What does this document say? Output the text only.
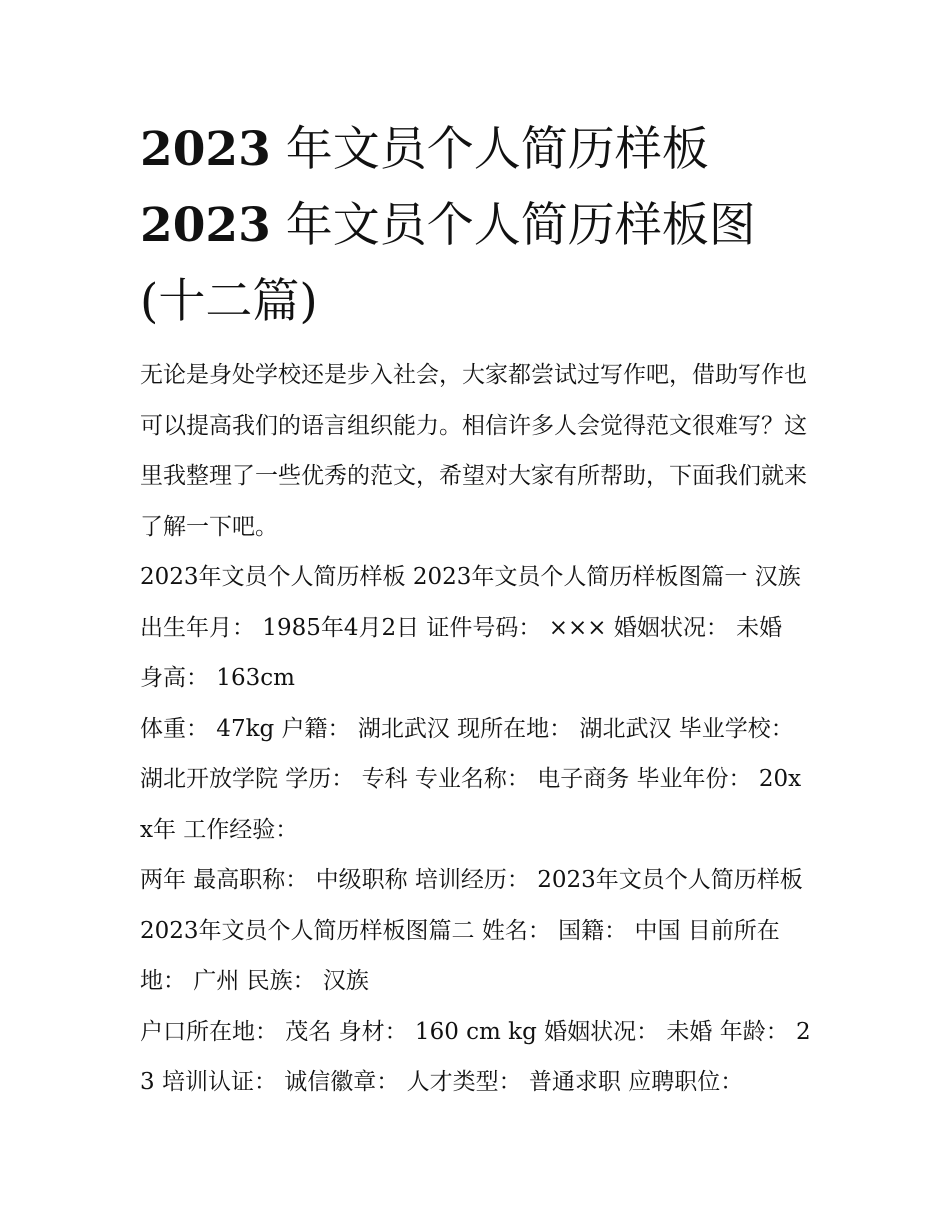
2023 年文员个人简历样板
2023 年文员个人简历样板图
(十二篇)

无论是身处学校还是步入社会，大家都尝试过写作吧，借助写作也可以提高我们的语言组织能力。相信许多人会觉得范文很难写？这里我整理了一些优秀的范文，希望对大家有所帮助，下面我们就来了解一下吧。

2023年文员个人简历样板 2023年文员个人简历样板图篇一 汉族 出生年月： 1985年4月2日 证件号码： ××× 婚姻状况： 未婚 身高： 163cm

体重： 47kg 户籍： 湖北武汉 现所在地： 湖北武汉 毕业学校： 湖北开放学院 学历： 专科 专业名称： 电子商务 毕业年份： 20xx年 工作经验：

两年 最高职称： 中级职称 培训经历： 2023年文员个人简历样板 2023年文员个人简历样板图篇二 姓名： 国籍： 中国 目前所在地： 广州 民族： 汉族

户口所在地： 茂名 身材： 160 cm kg 婚姻状况： 未婚 年龄： 23 培训认证： 诚信徽章： 人才类型： 普通求职 应聘职位：
